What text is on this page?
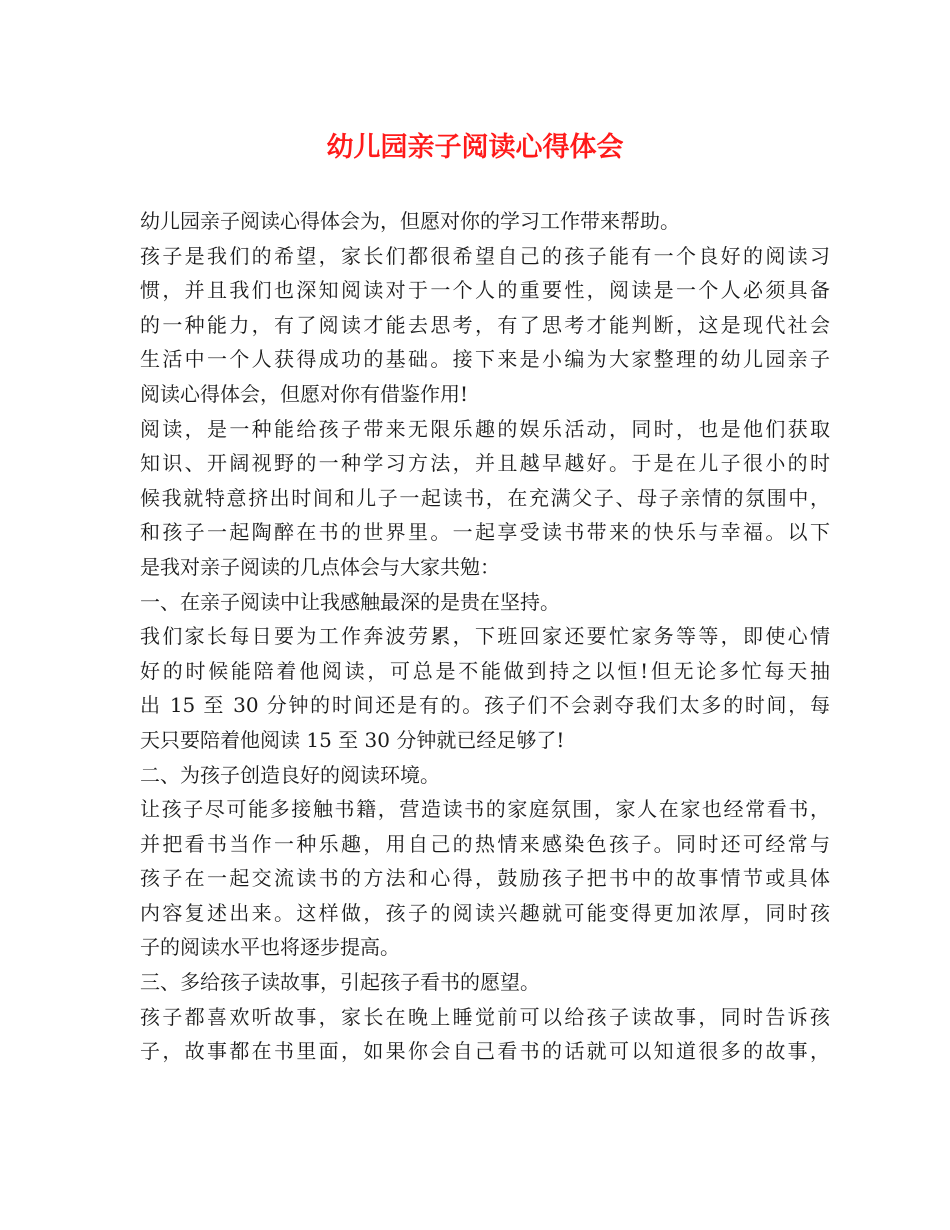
幼儿园亲子阅读心得体会
幼儿园亲子阅读心得体会为，但愿对你的学习工作带来帮助。
孩子是我们的希望，家长们都很希望自己的孩子能有一个良好的阅读习
惯，并且我们也深知阅读对于一个人的重要性，阅读是一个人必须具备
的一种能力，有了阅读才能去思考，有了思考才能判断，这是现代社会
生活中一个人获得成功的基础。接下来是小编为大家整理的幼儿园亲子
阅读心得体会，但愿对你有借鉴作用!
阅读，是一种能给孩子带来无限乐趣的娱乐活动，同时，也是他们获取
知识、开阔视野的一种学习方法，并且越早越好。于是在儿子很小的时
候我就特意挤出时间和儿子一起读书，在充满父子、母子亲情的氛围中，
和孩子一起陶醉在书的世界里。一起享受读书带来的快乐与幸福。以下
是我对亲子阅读的几点体会与大家共勉：
一、在亲子阅读中让我感触最深的是贵在坚持。
我们家长每日要为工作奔波劳累，下班回家还要忙家务等等，即使心情
好的时候能陪着他阅读，可总是不能做到持之以恒!但无论多忙每天抽
出 15 至 30 分钟的时间还是有的。孩子们不会剥夺我们太多的时间，每
天只要陪着他阅读 15 至 30 分钟就已经足够了!
二、为孩子创造良好的阅读环境。
让孩子尽可能多接触书籍，营造读书的家庭氛围，家人在家也经常看书，
并把看书当作一种乐趣，用自己的热情来感染色孩子。同时还可经常与
孩子在一起交流读书的方法和心得，鼓励孩子把书中的故事情节或具体
内容复述出来。这样做，孩子的阅读兴趣就可能变得更加浓厚，同时孩
子的阅读水平也将逐步提高。
三、多给孩子读故事，引起孩子看书的愿望。
孩子都喜欢听故事，家长在晚上睡觉前可以给孩子读故事，同时告诉孩
子，故事都在书里面，如果你会自己看书的话就可以知道很多的故事，
